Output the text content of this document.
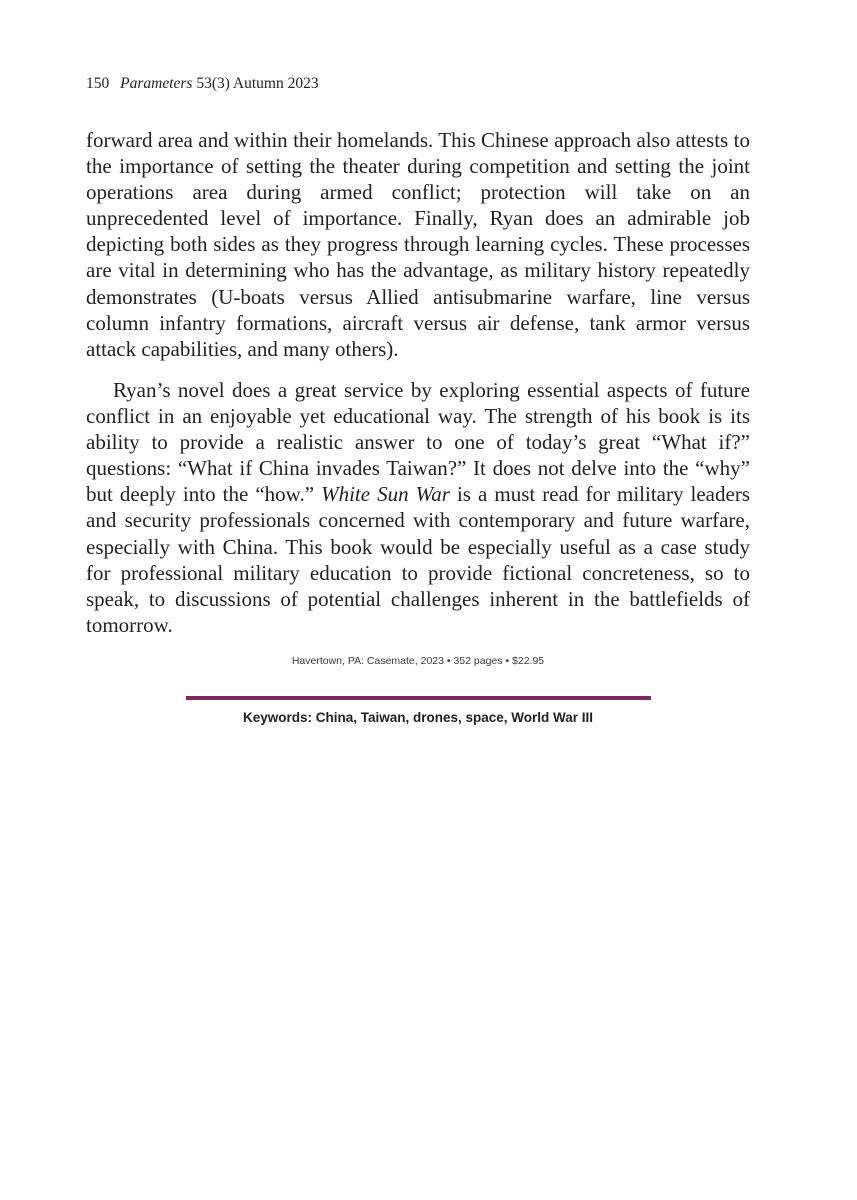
150 Parameters 53(3) Autumn 2023

forward area and within their homelands. This Chinese approach also attests to the importance of setting the theater during competition and setting the joint operations area during armed conflict; protection will take on an unprecedented level of importance. Finally, Ryan does an admirable job depicting both sides as they progress through learning cycles. These processes are vital in determining who has the advantage, as military history repeatedly demonstrates (U-boats versus Allied antisubmarine warfare, line versus column infantry formations, aircraft versus air defense, tank armor versus attack capabilities, and many others).

Ryan’s novel does a great service by exploring essential aspects of future conflict in an enjoyable yet educational way. The strength of his book is its ability to provide a realistic answer to one of today’s great “What if?” questions: “What if China invades Taiwan?” It does not delve into the “why” but deeply into the “how.” White Sun War is a must read for military leaders and security professionals concerned with contemporary and future warfare, especially with China. This book would be especially useful as a case study for professional military education to provide fictional concreteness, so to speak, to discussions of potential challenges inherent in the battlefields of tomorrow.

Havertown, PA: Casemate, 2023 • 352 pages • $22.95
Keywords: China, Taiwan, drones, space, World War III
